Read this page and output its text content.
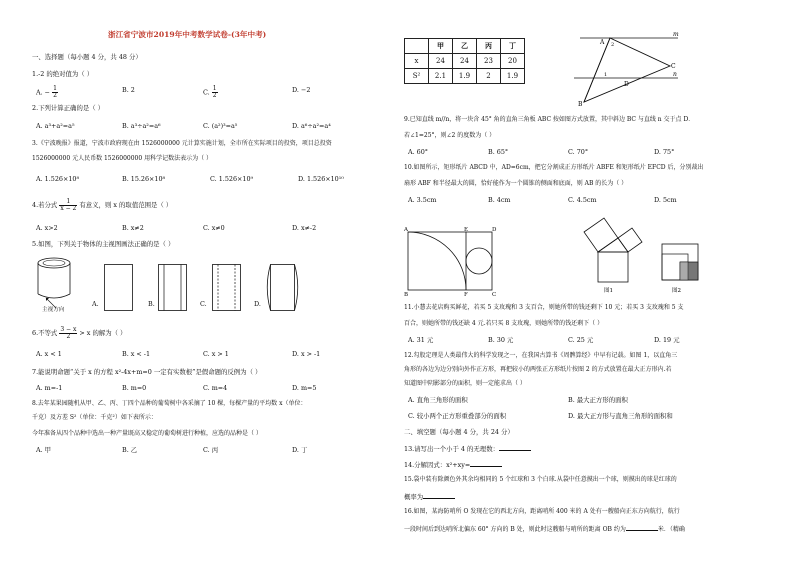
浙江省宁波市2019年中考数学试卷-(3年中考)
一、选择题（每小题 4 分，共 48 分）
1.-2 的绝对值为（ ）
A. − $\frac{1}{2}$	B. 2	C. $\frac{1}{2}$	D. −2
2.下列计算正确的是（ ）
A. a³+a²=a⁵	B. a³÷a²=a⁶	C. (a²)³=a⁵	D. a⁶÷a²=a⁴
3.《宁波晚报》报道，宁波市政府现在由 1526000000 元计算实施计划，全市所在实际项目的投资，项目总投资
1526000000 元人民币数 1526000000 用科学记数法表示为（ ）
A. 1.526×10⁸	B. 15.26×10⁸	C. 1.526×10⁹	D. 1.526×10¹⁰
4.若分式 $\frac{1}{x - 2}$ 有意义，则 x 的取值范围是（ ）
A. x>2	B. x≠2	C. x≠0	D. x≠-2
5.如图，下列关于物体的主视图画法正确的是（ ）
主视方向
A.	B.	C.	D.
6.不等式 $\frac{3 - x}{2} > x$ 的解为（ ）
A. x < 1	B. x < -1	C. x > 1	D. x > -1
7.能说明命题“关于 x 的方程 x²-4x+m=0 一定有实数根”是假命题的反例为（ ）
A. m=-1	B. m=0	C. m=4	D. m=5
8.去年某果园随机从甲、乙、丙、丁四个品种的葡萄树中各采摘了 10 棵，每棵产量的平均数 x（单位：
千克）及方差 S²（单位：千克²）如下表所示：
今年准备从四个品种中选出一种产量既高又稳定的葡萄树进行种植，应选的品种是（ ）
A. 甲	B. 乙	C. 丙	D. 丁
	甲	乙	丙	丁
x	24	24	23	20
S²	2.1	1.9	2	1.9
m
n
A
B
C
D
2
1
9.已知直线 m//n，将一块含 45° 角的直角三角板 ABC 按如图方式放置，其中斜边 BC 与直线 n 交于点 D．
若∠1=25°，则∠2 的度数为（ ）
A. 60°	B. 65°	C. 70°	D. 75°
10.如图所示，矩形纸片 ABCD 中，AD=6cm，把它分割成正方形纸片 ABFE 和矩形纸片 EFCD 后，分别裁出
扇形 ABF 和半径最大的圆，恰好能作为一个圆锥的侧面和底面，则 AB 的长为（ ）
A. 3.5cm	B. 4cm	C. 4.5cm	D. 5cm
A
B	C
D
E
F
图1	图2
11.小慧去花店购买鲜花，若买 5 支玫瑰和 3 支百合，则她所带的钱还剩下 10 元；若买 3 支玫瑰和 5 支
百合，则她所带的钱还缺 4 元.若只买 8 支玫瑰，则她所带的钱还剩下（ ）
A. 31 元	B. 30 元	C. 25 元	D. 19 元
12.勾股定理是人类最伟大的科学发现之一，在我国古算书《周髀算经》中早有记载。如图 1，以直角三
角形的各边为边分别向外作正方形，再把较小的两张正方形纸片按图 2 的方式放置在最大正方形内.若
知道图中阴影部分的面积，则一定能求出（ ）
A. 直角三角形的面积	B. 最大正方形的面积
C. 较小两个正方形重叠部分的面积	D. 最大正方形与直角三角形的面积和
二、填空题（每小题 4 分，共 24 分）
13.请写出一个小于 4 的无理数：
14.分解因式：x²+xy=
15.袋中装有除颜色外其余均相同的 5 个红球和 3 个白球.从袋中任意摸出一个球，则摸出的球是红球的
概率为
16.如图，某海防哨所 O 发现在它的西北方向，距离哨所 400 米的 A 处有一艘船向正东方向航行，航行
一段时间后到达哨所北偏东 60° 方向的 B 处，则此时这艘船与哨所的距离 OB 约为	米．（精确
